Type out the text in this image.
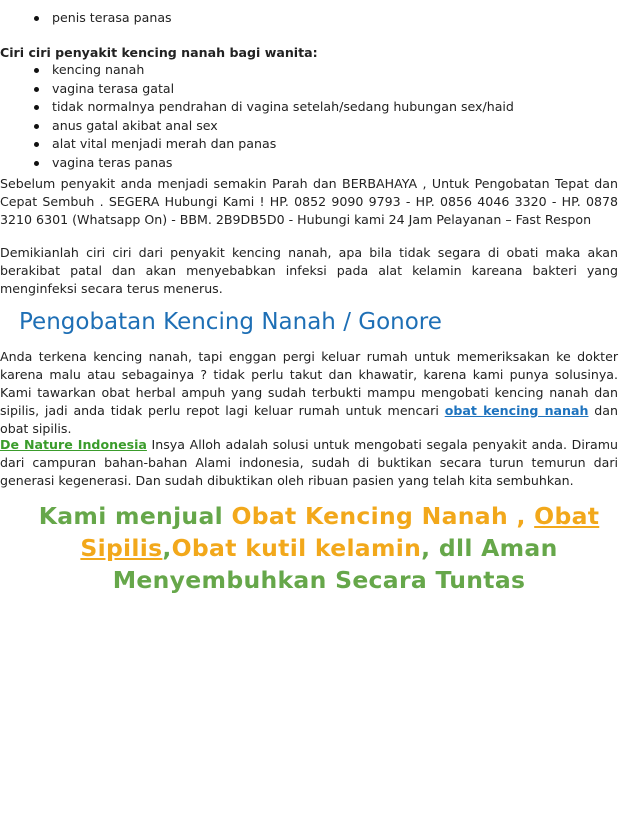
penis terasa panas

Ciri ciri penyakit kencing nanah bagi wanita:

kencing nanah
vagina terasa gatal
tidak normalnya pendrahan di vagina setelah/sedang hubungan sex/haid
anus gatal akibat anal sex
alat vital menjadi merah dan panas
vagina teras panas

Sebelum penyakit anda menjadi semakin Parah dan BERBAHAYA , Untuk Pengobatan Tepat dan Cepat Sembuh . SEGERA Hubungi Kami ! HP. 0852 9090 9793 - HP. 0856 4046 3320 - HP. 0878 3210 6301 (Whatsapp On) - BBM. 2B9DB5D0 - Hubungi kami 24 Jam Pelayanan – Fast Respon

Demikianlah ciri ciri dari penyakit kencing nanah, apa bila tidak segara di obati maka akan berakibat patal dan akan menyebabkan infeksi pada alat kelamin kareana bakteri yang menginfeksi secara terus menerus.

Pengobatan Kencing Nanah / Gonore

Anda terkena kencing nanah, tapi enggan pergi keluar rumah untuk memeriksakan ke dokter karena malu atau sebagainya ? tidak perlu takut dan khawatir, karena kami punya solusinya. Kami tawarkan obat herbal ampuh yang sudah terbukti mampu mengobati kencing nanah dan sipilis, jadi anda tidak perlu repot lagi keluar rumah untuk mencari obat kencing nanah dan obat sipilis.

De Nature Indonesia Insya Alloh adalah solusi untuk mengobati segala penyakit anda. Diramu dari campuran bahan-bahan Alami indonesia, sudah di buktikan secara turun temurun dari generasi kegenerasi. Dan sudah dibuktikan oleh ribuan pasien yang telah kita sembuhkan.

Kami menjual Obat Kencing Nanah , Obat Sipilis,Obat kutil kelamin, dll Aman Menyembuhkan Secara Tuntas
